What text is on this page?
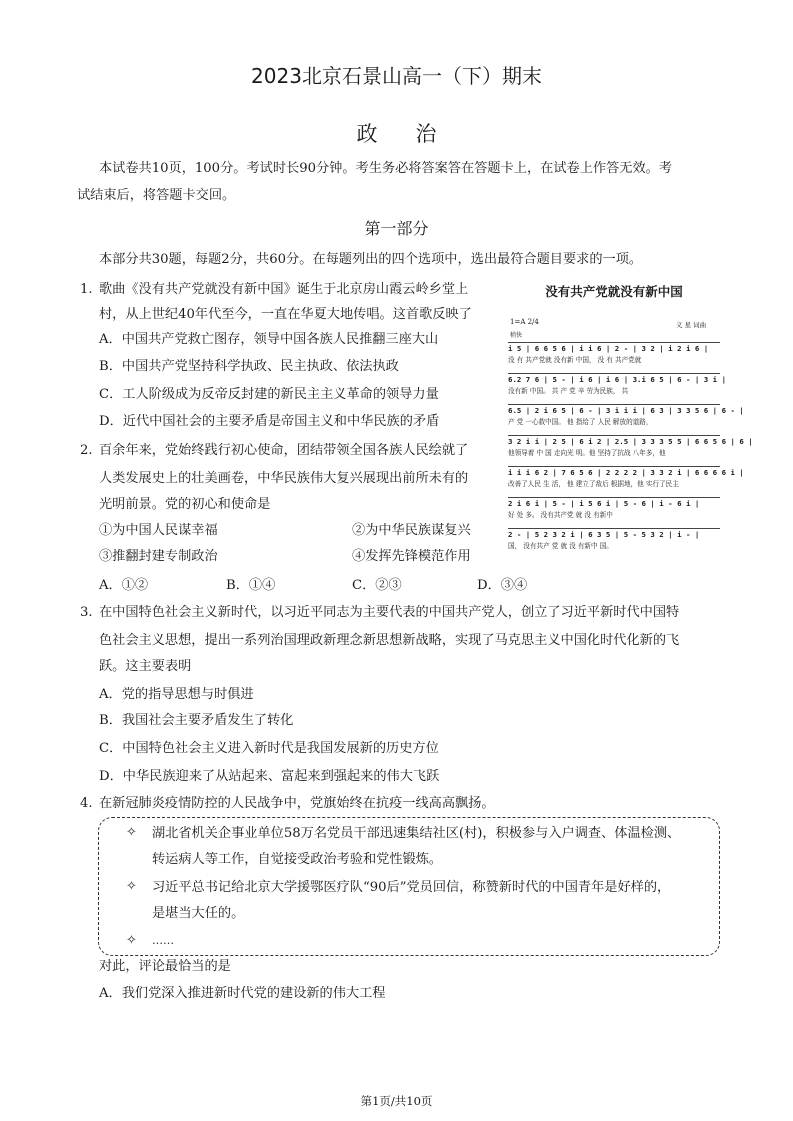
2023北京石景山高一（下）期末
政治
本试卷共10页，100分。考试时长90分钟。考生务必将答案答在答题卡上，在试卷上作答无效。考
试结束后，将答题卡交回。
第一部分
本部分共30题，每题2分，共60分。在每题列出的四个选项中，选出最符合题目要求的一项。
1. 歌曲《没有共产党就没有新中国》诞生于北京房山霞云岭乡堂上
村，从上世纪40年代至今，一直在华夏大地传唱。这首歌反映了
A．中国共产党救亡图存，领导中国各族人民推翻三座大山
B．中国共产党坚持科学执政、民主执政、依法执政
C．工人阶级成为反帝反封建的新民主主义革命的领导力量
D．近代中国社会的主要矛盾是帝国主义和中华民族的矛盾
没有共产党就没有新中国
1=A 2/4	义 星 词曲
稍快
i 5 | 6 6 5 6 | i i 6 | 2 - | 3 2 | i 2 i 6 |
没 有 共产党就 没有新 中国， 没 有 共产党就
6.2 7 6 | 5 - | i 6 | i 6 | 3.i 6 5 | 6 - | 3 i |
没有新 中国。 共 产 党 辛 劳为民族， 共
6.5 | 2 i 6 5 | 6 - | 3 i i i | 6 3 | 3 3 5 6 | 6 - |
产 党 一心救中国。 他 指给了 人民 解放的道路，
3 2 i i | 2 5 | 6 i 2 | 2.5 | 3 3 3 5 5 | 6 6 5 6 | 6 |
他领导着 中 国 走向光 明。他 坚持了抗战 八年多，他
i i i 6 2 | 7 6 5 6 | 2 2 2 2 | 3 3 2 i | 6 6 6 6 i |
改善了人民 生 活， 他 建立了敌后 根据地，他 实行了民主
2 i 6 i | 5 - | i 5 6 i | 5 - 6 | i - 6 i |
好 处 多。 没有共产党 就 没 有新中
2 - | 5 2 3 2 i | 6 3 5 | 5 - 5 3 2 | i - |
国， 没有共产 党 就 没 有新中 国。
2. 百余年来，党始终践行初心使命，团结带领全国各族人民绘就了
人类发展史上的壮美画卷，中华民族伟大复兴展现出前所未有的
光明前景。党的初心和使命是
①为中国人民谋幸福	②为中华民族谋复兴
③推翻封建专制政治	④发挥先锋模范作用
A．①②	B．①④	C．②③	D．③④
3. 在中国特色社会主义新时代，以习近平同志为主要代表的中国共产党人，创立了习近平新时代中国特
色社会主义思想，提出一系列治国理政新理念新思想新战略，实现了马克思主义中国化时代化新的飞
跃。这主要表明
A．党的指导思想与时俱进
B．我国社会主要矛盾发生了转化
C．中国特色社会主义进入新时代是我国发展新的历史方位
D．中华民族迎来了从站起来、富起来到强起来的伟大飞跃
4. 在新冠肺炎疫情防控的人民战争中，党旗始终在抗疫一线高高飘扬。
✧ 湖北省机关企事业单位58万名党员干部迅速集结社区(村)，积极参与入户调查、体温检测、
转运病人等工作，自觉接受政治考验和党性锻炼。
✧ 习近平总书记给北京大学援鄂医疗队“90后”党员回信，称赞新时代的中国青年是好样的，
是堪当大任的。
✧ ……
对此，评论最恰当的是
A．我们党深入推进新时代党的建设新的伟大工程
第1页/共10页
